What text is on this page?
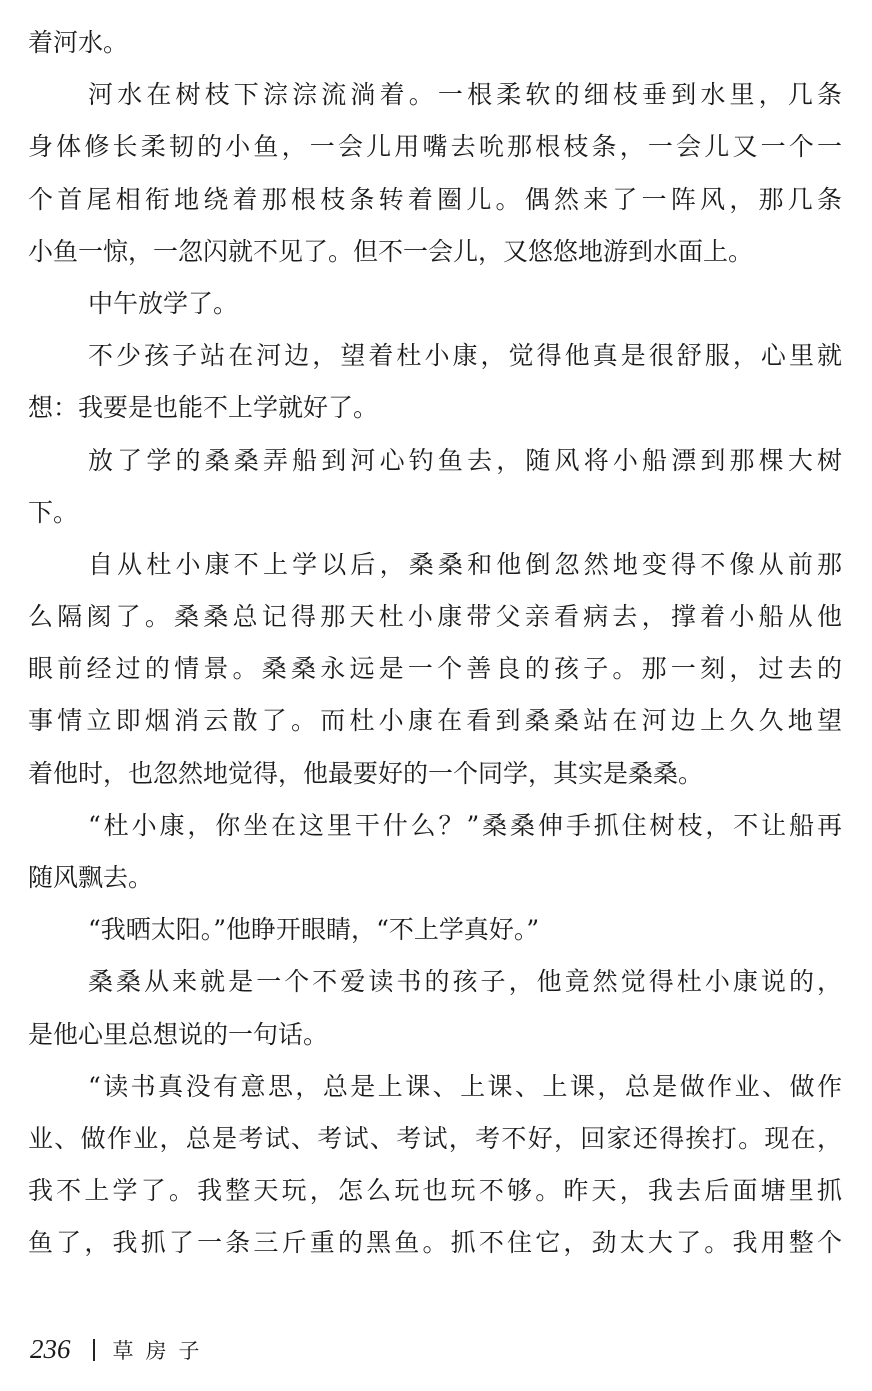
着河水。
河水在树枝下淙淙流淌着。一根柔软的细枝垂到水里，几条
身体修长柔韧的小鱼，一会儿用嘴去吮那根枝条，一会儿又一个一
个首尾相衔地绕着那根枝条转着圈儿。偶然来了一阵风，那几条
小鱼一惊，一忽闪就不见了。但不一会儿，又悠悠地游到水面上。
中午放学了。
不少孩子站在河边，望着杜小康，觉得他真是很舒服，心里就
想：我要是也能不上学就好了。
放了学的桑桑弄船到河心钓鱼去，随风将小船漂到那棵大树
下。
自从杜小康不上学以后，桑桑和他倒忽然地变得不像从前那
么隔阂了。桑桑总记得那天杜小康带父亲看病去，撑着小船从他
眼前经过的情景。桑桑永远是一个善良的孩子。那一刻，过去的
事情立即烟消云散了。而杜小康在看到桑桑站在河边上久久地望
着他时，也忽然地觉得，他最要好的一个同学，其实是桑桑。
“杜小康，你坐在这里干什么？”桑桑伸手抓住树枝，不让船再
随风飘去。
“我晒太阳。”他睁开眼睛，“不上学真好。”
桑桑从来就是一个不爱读书的孩子，他竟然觉得杜小康说的，
是他心里总想说的一句话。
“读书真没有意思，总是上课、上课、上课，总是做作业、做作
业、做作业，总是考试、考试、考试，考不好，回家还得挨打。现在，
我不上学了。我整天玩，怎么玩也玩不够。昨天，我去后面塘里抓
鱼了，我抓了一条三斤重的黑鱼。抓不住它，劲太大了。我用整个
236 草房子
